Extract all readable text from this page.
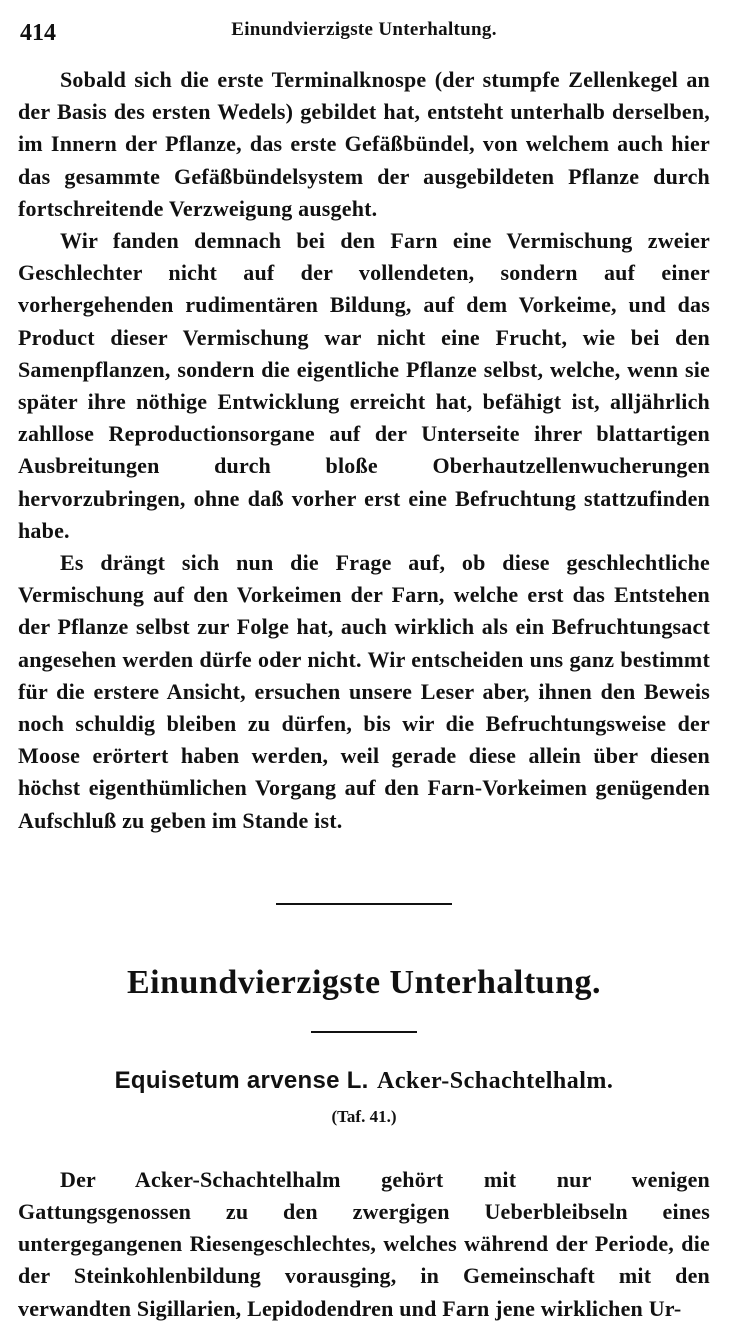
414	Einundvierzigste Unterhaltung.

Sobald sich die erste Terminalknospe (der stumpfe Zellenkegel an der Basis des ersten Wedels) gebildet hat, entsteht unterhalb derselben, im Innern der Pflanze, das erste Gefäßbündel, von welchem auch hier das gesammte Gefäßbündelsystem der ausgebildeten Pflanze durch fortschreitende Verzweigung ausgeht.

Wir fanden demnach bei den Farn eine Vermischung zweier Geschlechter nicht auf der vollendeten, sondern auf einer vorhergehenden rudimentären Bildung, auf dem Vorkeime, und das Product dieser Vermischung war nicht eine Frucht, wie bei den Samenpflanzen, sondern die eigentliche Pflanze selbst, welche, wenn sie später ihre nöthige Entwicklung erreicht hat, befähigt ist, alljährlich zahllose Reproductionsorgane auf der Unterseite ihrer blattartigen Ausbreitungen durch bloße Oberhautzellenwucherungen hervorzubringen, ohne daß vorher erst eine Befruchtung stattzufinden habe.

Es drängt sich nun die Frage auf, ob diese geschlechtliche Vermischung auf den Vorkeimen der Farn, welche erst das Entstehen der Pflanze selbst zur Folge hat, auch wirklich als ein Befruchtungsact angesehen werden dürfe oder nicht. Wir entscheiden uns ganz bestimmt für die erstere Ansicht, ersuchen unsere Leser aber, ihnen den Beweis noch schuldig bleiben zu dürfen, bis wir die Befruchtungsweise der Moose erörtert haben werden, weil gerade diese allein über diesen höchst eigenthümlichen Vorgang auf den Farn-Vorkeimen genügenden Aufschluß zu geben im Stande ist.

Einundvierzigste Unterhaltung.

Equisetum arvense L. Acker-Schachtelhalm.

(Taf. 41.)

Der Acker-Schachtelhalm gehört mit nur wenigen Gattungsgenossen zu den zwergigen Ueberbleibseln eines untergegangenen Riesengeschlechtes, welches während der Periode, die der Steinkohlenbildung vorausging, in Gemeinschaft mit den verwandten Sigillarien, Lepidodendren und Farn jene wirklichen Ur-
